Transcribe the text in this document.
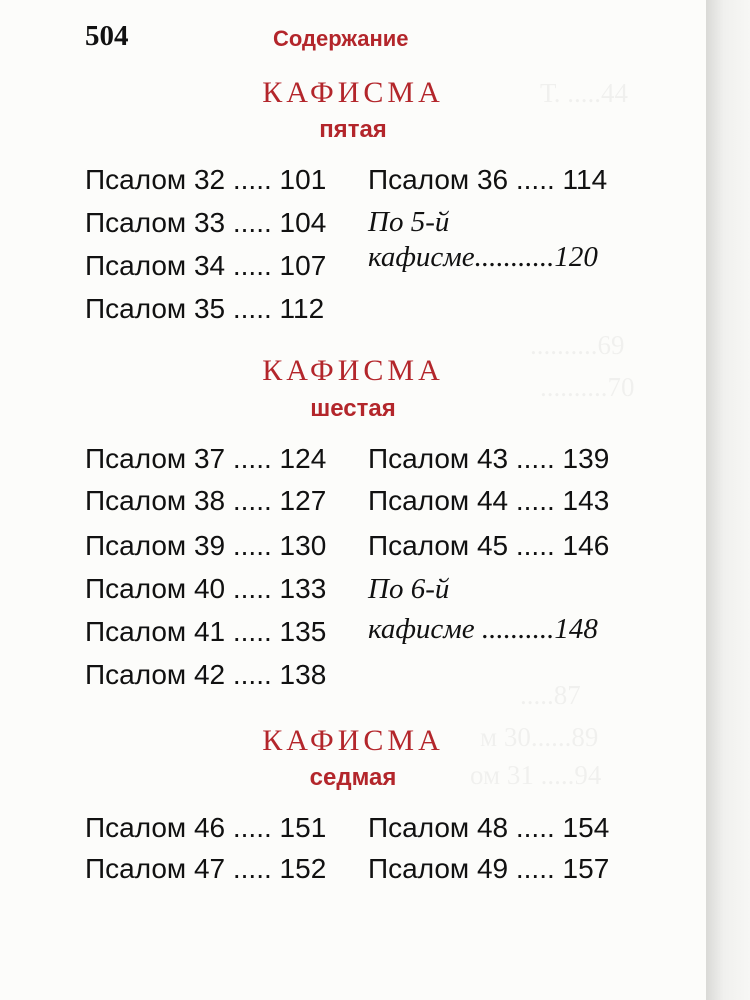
504	Содержание
КАФИСМА
пятая
Псалом 32 ..... 101
Псалом 33 ..... 104
Псалом 34 ..... 107
Псалом 35 ..... 112
Псалом 36 ..... 114
По 5-й
кафисме...........120
КАФИСМА
шестая
Псалом 37 ..... 124
Псалом 38 ..... 127
Псалом 39 ..... 130
Псалом 40 ..... 133
Псалом 41 ..... 135
Псалом 42 ..... 138
Псалом 43 ..... 139
Псалом 44 ..... 143
Псалом 45 ..... 146
По 6-й
кафисме ..........148
КАФИСМА
седмая
Псалом 46 ..... 151
Псалом 47 ..... 152
Псалом 48 ..... 154
Псалом 49 ..... 157
